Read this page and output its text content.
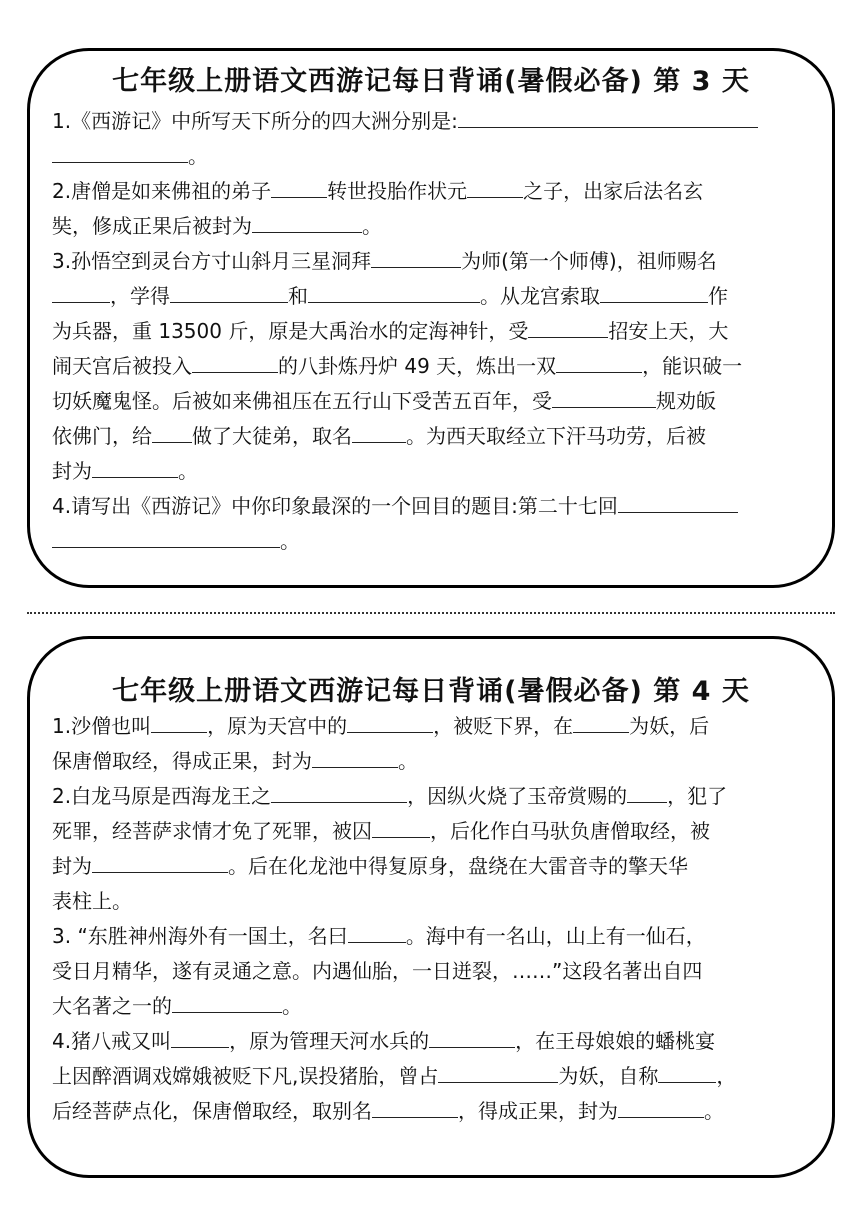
七年级上册语文西游记每日背诵(暑假必备) 第 3 天
1.《西游记》中所写天下所分的四大洲分别是:
。
2.唐僧是如来佛祖的弟子	转世投胎作状元	之子，出家后法名玄
奘，修成正果后被封为	。
3.孙悟空到灵台方寸山斜月三星洞拜	为师(第一个师傅)，祖师赐名
，学得	和	。从龙宫索取	作
为兵器，重 13500 斤，原是大禹治水的定海神针，受	招安上天，大
闹天宫后被投入	的八卦炼丹炉 49 天，炼出一双	，能识破一
切妖魔鬼怪。后被如来佛祖压在五行山下受苦五百年，受	规劝皈
依佛门，给 做了大徒弟，取名	。为西天取经立下汗马功劳，后被
封为	。
4.请写出《西游记》中你印象最深的一个回目的题目:第二十七回
。
七年级上册语文西游记每日背诵(暑假必备) 第 4 天
1.沙僧也叫	，原为天宫中的	，被贬下界，在	为妖，后
保唐僧取经，得成正果，封为	。
2.白龙马原是西海龙王之	，因纵火烧了玉帝赏赐的 ，犯了
死罪，经菩萨求情才免了死罪，被囚	，后化作白马驮负唐僧取经，被
封为	。后在化龙池中得复原身，盘绕在大雷音寺的擎天华
表柱上。
3. “东胜神州海外有一国土，名曰	。海中有一名山，山上有一仙石，
受日月精华，遂有灵通之意。内遇仙胎，一日迸裂，……”这段名著出自四
大名著之一的	。
4.猪八戒又叫	，原为管理天河水兵的	，在王母娘娘的蟠桃宴
上因醉酒调戏嫦娥被贬下凡,误投猪胎，曾占	为妖，自称	，
后经菩萨点化，保唐僧取经，取别名	，得成正果，封为	。
